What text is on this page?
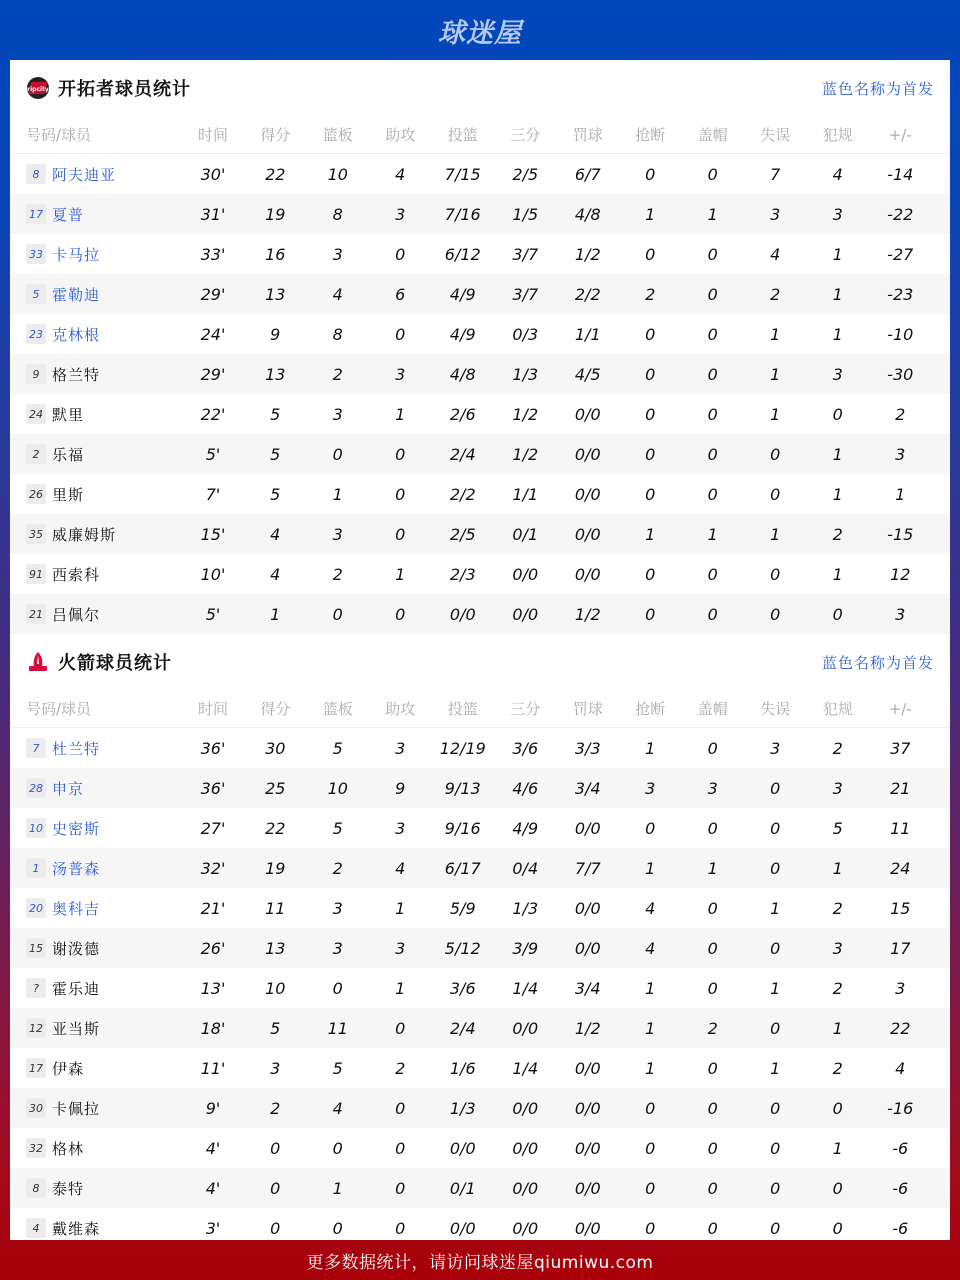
球迷屋
ripcity 开拓者球员统计	蓝色名称为首发
号码/球员	时间	得分	篮板	助攻	投篮	三分	罚球	抢断	盖帽	失误	犯规	+/-
8 阿夫迪亚	30'	22	10	4	7/15	2/5	6/7	0	0	7	4	-14
17 夏普	31'	19	8	3	7/16	1/5	4/8	1	1	3	3	-22
33 卡马拉	33'	16	3	0	6/12	3/7	1/2	0	0	4	1	-27
5 霍勒迪	29'	13	4	6	4/9	3/7	2/2	2	0	2	1	-23
23 克林根	24'	9	8	0	4/9	0/3	1/1	0	0	1	1	-10
9 格兰特	29'	13	2	3	4/8	1/3	4/5	0	0	1	3	-30
24 默里	22'	5	3	1	2/6	1/2	0/0	0	0	1	0	2
2 乐福	5'	5	0	0	2/4	1/2	0/0	0	0	0	1	3
26 里斯	7'	5	1	0	2/2	1/1	0/0	0	0	0	1	1
35 威廉姆斯	15'	4	3	0	2/5	0/1	0/0	1	1	1	2	-15
91 西索科	10'	4	2	1	2/3	0/0	0/0	0	0	0	1	12
21 吕佩尔	5'	1	0	0	0/0	0/0	1/2	0	0	0	0	3
火箭球员统计	蓝色名称为首发
号码/球员	时间	得分	篮板	助攻	投篮	三分	罚球	抢断	盖帽	失误	犯规	+/-
7 杜兰特	36'	30	5	3	12/19	3/6	3/3	1	0	3	2	37
28 申京	36'	25	10	9	9/13	4/6	3/4	3	3	0	3	21
10 史密斯	27'	22	5	3	9/16	4/9	0/0	0	0	0	5	11
1 汤普森	32'	19	2	4	6/17	0/4	7/7	1	1	0	1	24
20 奥科吉	21'	11	3	1	5/9	1/3	0/0	4	0	1	2	15
15 谢泼德	26'	13	3	3	5/12	3/9	0/0	4	0	0	3	17
? 霍乐迪	13'	10	0	1	3/6	1/4	3/4	1	0	1	2	3
12 亚当斯	18'	5	11	0	2/4	0/0	1/2	1	2	0	1	22
17 伊森	11'	3	5	2	1/6	1/4	0/0	1	0	1	2	4
30 卡佩拉	9'	2	4	0	1/3	0/0	0/0	0	0	0	0	-16
32 格林	4'	0	0	0	0/0	0/0	0/0	0	0	0	1	-6
8 泰特	4'	0	1	0	0/1	0/0	0/0	0	0	0	0	-6
4 戴维森	3'	0	0	0	0/0	0/0	0/0	0	0	0	0	-6
更多数据统计，请访问球迷屋qiumiwu.com
